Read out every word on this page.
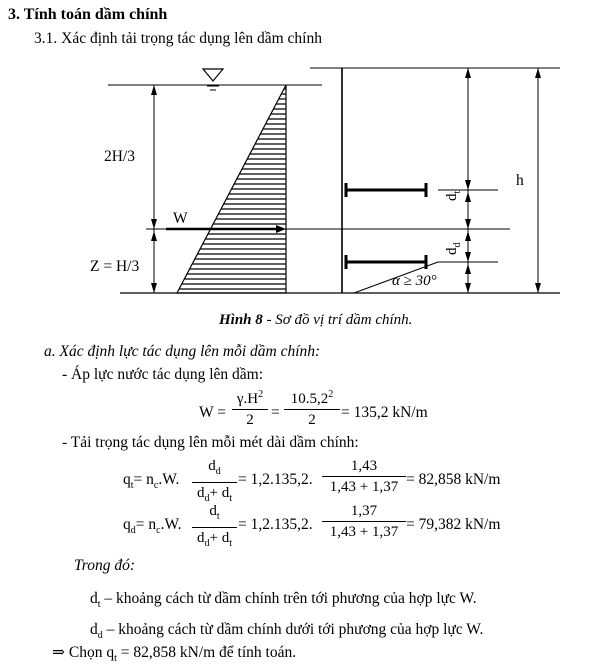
3. Tính toán dầm chính
3.1. Xác định tải trọng tác dụng lên dầm chính
2H/3
W
Z = H/3
h
$d_t$
$d_d$
α ≥ 30°
Hình 8 - Sơ đồ vị trí dầm chính.
a. Xác định lực tác dụng lên mỗi dầm chính:
- Áp lực nước tác dụng lên dầm:
W =
$\gamma.H^2$
2	=
$10.5,2^2$
2	= 135,2 kN/m
- Tải trọng tác dụng lên mỗi mét dài dầm chính:
$q_t= n_c.W$.
$d_d$
$d_d+ d_t$
= 1,2.135,2.
1,43
1,43 + 1,37 = 82,858 kN/m
$q_d= n_c.W$.
$d_t$
$d_d+ d_t$
= 1,2.135,2.
1,37
1,43 + 1,37 = 79,382 kN/m
Trong đó:
$d_t$ – khoảng cách từ dầm chính trên tới phương của hợp lực W.
$d_d$ – khoảng cách từ dầm chính dưới tới phương của hợp lực W.
⇒ Chọn $q_t = 82,858$ kN/m để tính toán.
